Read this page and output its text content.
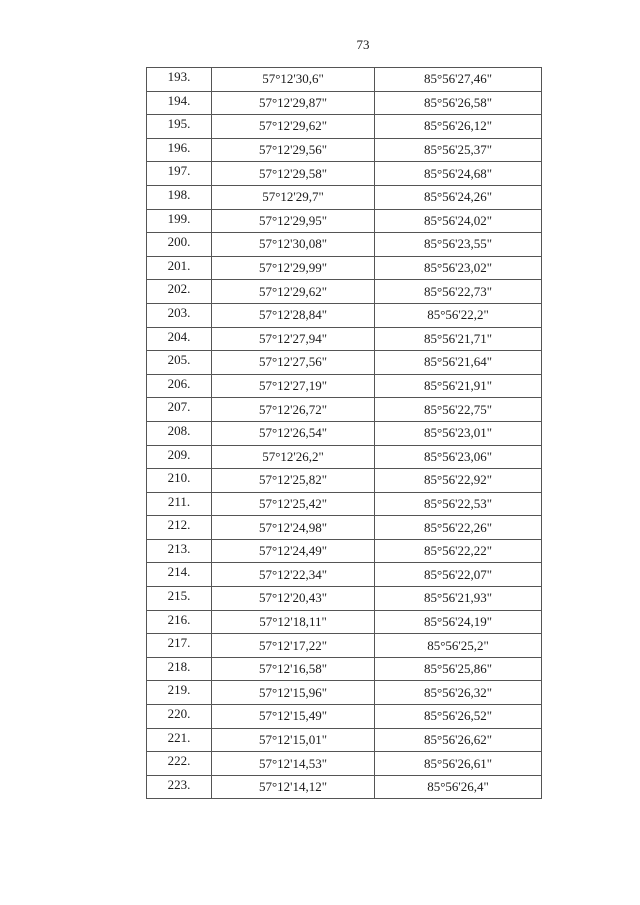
73
193.	57°12'30,6"	85°56'27,46"
194.	57°12'29,87"	85°56'26,58"
195.	57°12'29,62"	85°56'26,12"
196.	57°12'29,56"	85°56'25,37"
197.	57°12'29,58"	85°56'24,68"
198.	57°12'29,7"	85°56'24,26"
199.	57°12'29,95"	85°56'24,02"
200.	57°12'30,08"	85°56'23,55"
201.	57°12'29,99"	85°56'23,02"
202.	57°12'29,62"	85°56'22,73"
203.	57°12'28,84"	85°56'22,2"
204.	57°12'27,94"	85°56'21,71"
205.	57°12'27,56"	85°56'21,64"
206.	57°12'27,19"	85°56'21,91"
207.	57°12'26,72"	85°56'22,75"
208.	57°12'26,54"	85°56'23,01"
209.	57°12'26,2"	85°56'23,06"
210.	57°12'25,82"	85°56'22,92"
211.	57°12'25,42"	85°56'22,53"
212.	57°12'24,98"	85°56'22,26"
213.	57°12'24,49"	85°56'22,22"
214.	57°12'22,34"	85°56'22,07"
215.	57°12'20,43"	85°56'21,93"
216.	57°12'18,11"	85°56'24,19"
217.	57°12'17,22"	85°56'25,2"
218.	57°12'16,58"	85°56'25,86"
219.	57°12'15,96"	85°56'26,32"
220.	57°12'15,49"	85°56'26,52"
221.	57°12'15,01"	85°56'26,62"
222.	57°12'14,53"	85°56'26,61"
223.	57°12'14,12"	85°56'26,4"
